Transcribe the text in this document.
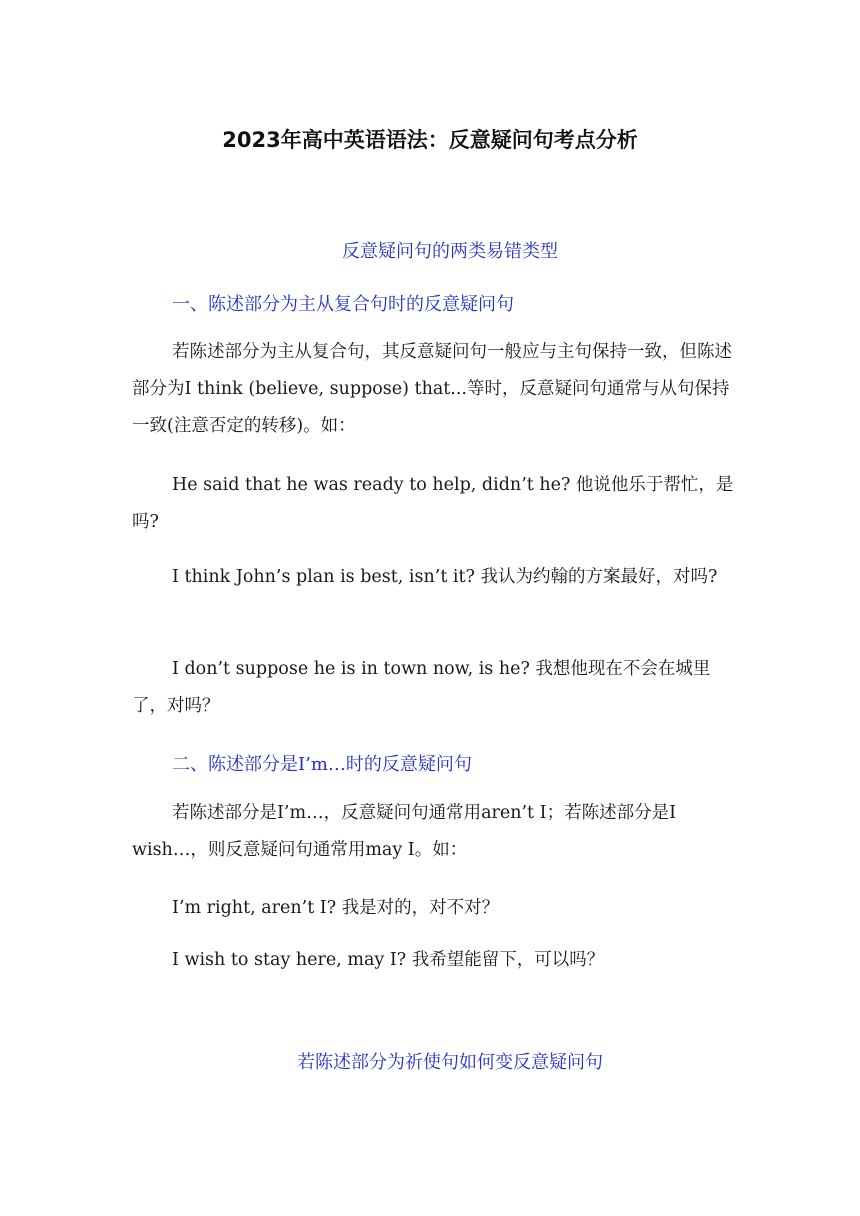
2023年高中英语语法：反意疑问句考点分析
反意疑问句的两类易错类型
一、陈述部分为主从复合句时的反意疑问句
若陈述部分为主从复合句，其反意疑问句一般应与主句保持一致，但陈述部分为I think (believe, suppose) that...等时，反意疑问句通常与从句保持一致(注意否定的转移)。如：
He said that he was ready to help, didn’t he? 他说他乐于帮忙，是吗?
I think John’s plan is best, isn’t it? 我认为约翰的方案最好，对吗?
I don’t suppose he is in town now, is he? 我想他现在不会在城里了，对吗？
二、陈述部分是I’m…时的反意疑问句
若陈述部分是I’m…，反意疑问句通常用aren’t I；若陈述部分是I wish…，则反意疑问句通常用may I。如：
I’m right, aren’t I? 我是对的，对不对？
I wish to stay here, may I? 我希望能留下，可以吗？
若陈述部分为祈使句如何变反意疑问句
